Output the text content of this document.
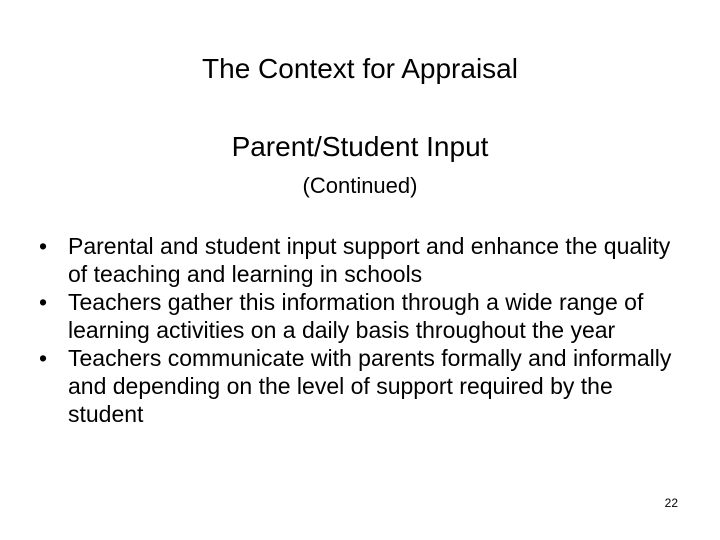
The Context for Appraisal
Parent/Student Input
(Continued)
• Parental and student input support and enhance the quality of teaching and learning in schools
• Teachers gather this information through a wide range of learning activities on a daily basis throughout the year
• Teachers communicate with parents formally and informally and depending on the level of support required by the student
22
